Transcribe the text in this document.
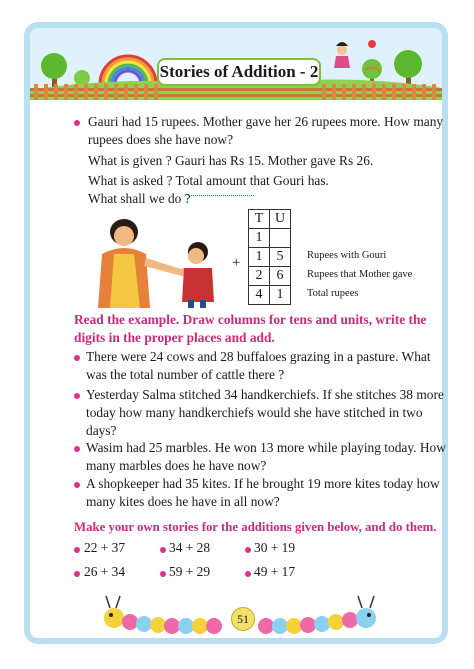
Stories of Addition - 2
Gauri had 15 rupees. Mother gave her 26 rupees more. How many
rupees does she have now?
What is given ? Gauri has Rs 15. Mother gave Rs 26.
What is asked ? Total amount that Gouri has.
What shall we do ?
T	U
1	
1	5
2	6
4	1
+	Rupees with Gouri
Rupees that Mother gave
Total rupees
Read the example. Draw columns for tens and units, write the
digits in the proper places and add.
There were 24 cows and 28 buffaloes grazing in a pasture. What
was the total number of cattle there ?
Yesterday Salma stitched 34 handkerchiefs. If she stitches 38 more
today how many handkerchiefs would she have stitched in two
days?
Wasim had 25 marbles. He won 13 more while playing today. How
many marbles does he have now?
A shopkeeper had 35 kites. If he brought 19 more kites today how
many kites does he have in all now?
Make your own stories for the additions given below, and do them.
22 + 37	34 + 28	30 + 19
26 + 34	59 + 29	49 + 17
51
